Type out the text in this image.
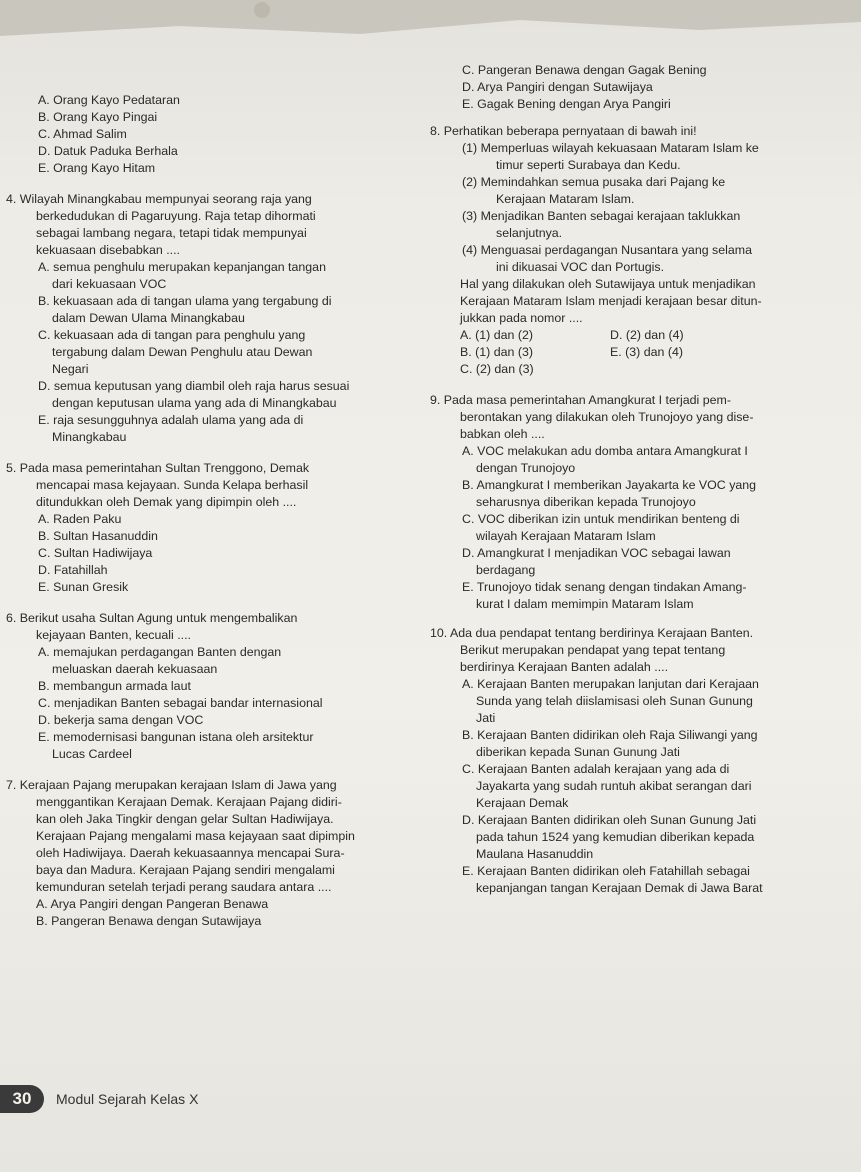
A. Orang Kayo Pedataran
B. Orang Kayo Pingai
C. Ahmad Salim
D. Datuk Paduka Berhala
E. Orang Kayo Hitam
4. Wilayah Minangkabau mempunyai seorang raja yang
berkedudukan di Pagaruyung. Raja tetap dihormati
sebagai lambang negara, tetapi tidak mempunyai
kekuasaan disebabkan ....
A. semua penghulu merupakan kepanjangan tangan
dari kekuasaan VOC
B. kekuasaan ada di tangan ulama yang tergabung di
dalam Dewan Ulama Minangkabau
C. kekuasaan ada di tangan para penghulu yang
tergabung dalam Dewan Penghulu atau Dewan
Negari
D. semua keputusan yang diambil oleh raja harus sesuai
dengan keputusan ulama yang ada di Minangkabau
E. raja sesungguhnya adalah ulama yang ada di
Minangkabau
5. Pada masa pemerintahan Sultan Trenggono, Demak
mencapai masa kejayaan. Sunda Kelapa berhasil
ditundukkan oleh Demak yang dipimpin oleh ....
A. Raden Paku
B. Sultan Hasanuddin
C. Sultan Hadiwijaya
D. Fatahillah
E. Sunan Gresik
6. Berikut usaha Sultan Agung untuk mengembalikan
kejayaan Banten, kecuali ....
A. memajukan perdagangan Banten dengan
meluaskan daerah kekuasaan
B. membangun armada laut
C. menjadikan Banten sebagai bandar internasional
D. bekerja sama dengan VOC
E. memodernisasi bangunan istana oleh arsitektur
Lucas Cardeel
7. Kerajaan Pajang merupakan kerajaan Islam di Jawa yang
menggantikan Kerajaan Demak. Kerajaan Pajang didiri-
kan oleh Jaka Tingkir dengan gelar Sultan Hadiwijaya.
Kerajaan Pajang mengalami masa kejayaan saat dipimpin
oleh Hadiwijaya. Daerah kekuasaannya mencapai Sura-
baya dan Madura. Kerajaan Pajang sendiri mengalami
kemunduran setelah terjadi perang saudara antara ....
A. Arya Pangiri dengan Pangeran Benawa
B. Pangeran Benawa dengan Sutawijaya
C. Pangeran Benawa dengan Gagak Bening
D. Arya Pangiri dengan Sutawijaya
E. Gagak Bening dengan Arya Pangiri
8. Perhatikan beberapa pernyataan di bawah ini!
(1) Memperluas wilayah kekuasaan Mataram Islam ke
timur seperti Surabaya dan Kedu.
(2) Memindahkan semua pusaka dari Pajang ke
Kerajaan Mataram Islam.
(3) Menjadikan Banten sebagai kerajaan taklukkan
selanjutnya.
(4) Menguasai perdagangan Nusantara yang selama
ini dikuasai VOC dan Portugis.
Hal yang dilakukan oleh Sutawijaya untuk menjadikan
Kerajaan Mataram Islam menjadi kerajaan besar ditun-
jukkan pada nomor ....
A. (1) dan (2)	D. (2) dan (4)
B. (1) dan (3)	E. (3) dan (4)
C. (2) dan (3)
9. Pada masa pemerintahan Amangkurat I terjadi pem-
berontakan yang dilakukan oleh Trunojoyo yang dise-
babkan oleh ....
A. VOC melakukan adu domba antara Amangkurat I
dengan Trunojoyo
B. Amangkurat I memberikan Jayakarta ke VOC yang
seharusnya diberikan kepada Trunojoyo
C. VOC diberikan izin untuk mendirikan benteng di
wilayah Kerajaan Mataram Islam
D. Amangkurat I menjadikan VOC sebagai lawan
berdagang
E. Trunojoyo tidak senang dengan tindakan Amang-
kurat I dalam memimpin Mataram Islam
10. Ada dua pendapat tentang berdirinya Kerajaan Banten.
Berikut merupakan pendapat yang tepat tentang
berdirinya Kerajaan Banten adalah ....
A. Kerajaan Banten merupakan lanjutan dari Kerajaan
Sunda yang telah diislamisasi oleh Sunan Gunung
Jati
B. Kerajaan Banten didirikan oleh Raja Siliwangi yang
diberikan kepada Sunan Gunung Jati
C. Kerajaan Banten adalah kerajaan yang ada di
Jayakarta yang sudah runtuh akibat serangan dari
Kerajaan Demak
D. Kerajaan Banten didirikan oleh Sunan Gunung Jati
pada tahun 1524 yang kemudian diberikan kepada
Maulana Hasanuddin
E. Kerajaan Banten didirikan oleh Fatahillah sebagai
kepanjangan tangan Kerajaan Demak di Jawa Barat
30	Modul Sejarah Kelas X
